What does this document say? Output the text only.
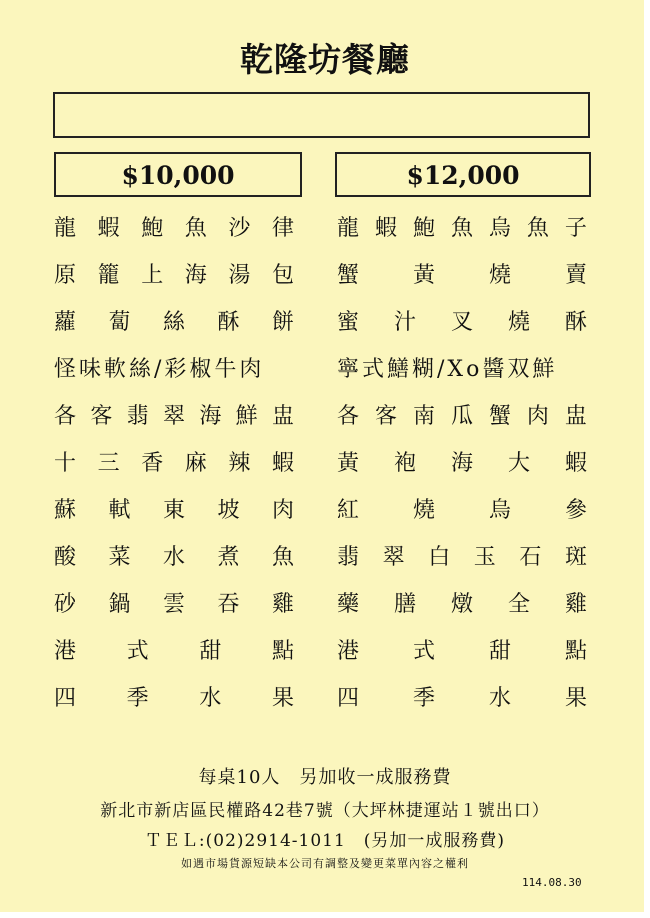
乾隆坊餐廳
$10,000	$12,000
龍 蝦 鮑 魚 沙 律
原 籠 上 海 湯 包
蘿 蔔 絲 酥 餅
怪味軟絲/彩椒牛肉
各 客 翡 翠 海 鮮 盅
十 三 香 麻 辣 蝦
蘇 軾 東 坡 肉
酸 菜 水 煮 魚
砂 鍋 雲 吞 雞
港 式 甜 點
四 季 水 果
龍 蝦 鮑 魚 烏 魚 子
蟹 黃 燒 賣
蜜 汁 叉 燒 酥
寧式鱔糊/Xo醬双鮮
各 客 南 瓜 蟹 肉 盅
黃 袍 海 大 蝦
紅 燒 烏 參
翡 翠 白 玉 石 斑
藥 膳 燉 全 雞
港 式 甜 點
四 季 水 果
每桌10人　另加收一成服務費
新北市新店區民權路42巷7號（大坪林捷運站１號出口）
ＴＥＬ:(02)2914-1011　(另加一成服務費)
如遇市場貨源短缺本公司有調整及變更菜單內容之權利
114.08.30
